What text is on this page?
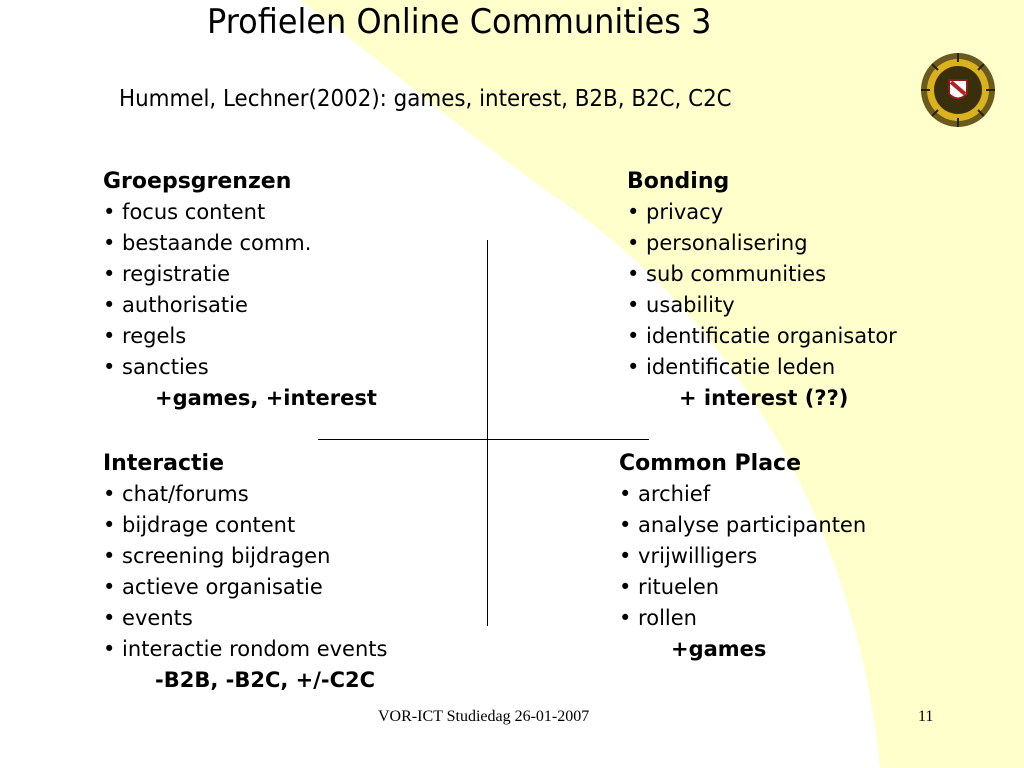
Profielen Online Communities 3
Hummel, Lechner(2002): games, interest, B2B, B2C, C2C
Groepsgrenzen
• focus content
• bestaande comm.
• registratie
• authorisatie
• regels
• sancties
+games, +interest
Bonding
• privacy
• personalisering
• sub communities
• usability
• identificatie organisator
• identificatie leden
+ interest (??)
Interactie
• chat/forums
• bijdrage content
• screening bijdragen
• actieve organisatie
• events
• interactie rondom events
-B2B, -B2C, +/-C2C
Common Place
• archief
• analyse participanten
• vrijwilligers
• rituelen
• rollen
+games
VOR-ICT Studiedag 26-01-2007	11
